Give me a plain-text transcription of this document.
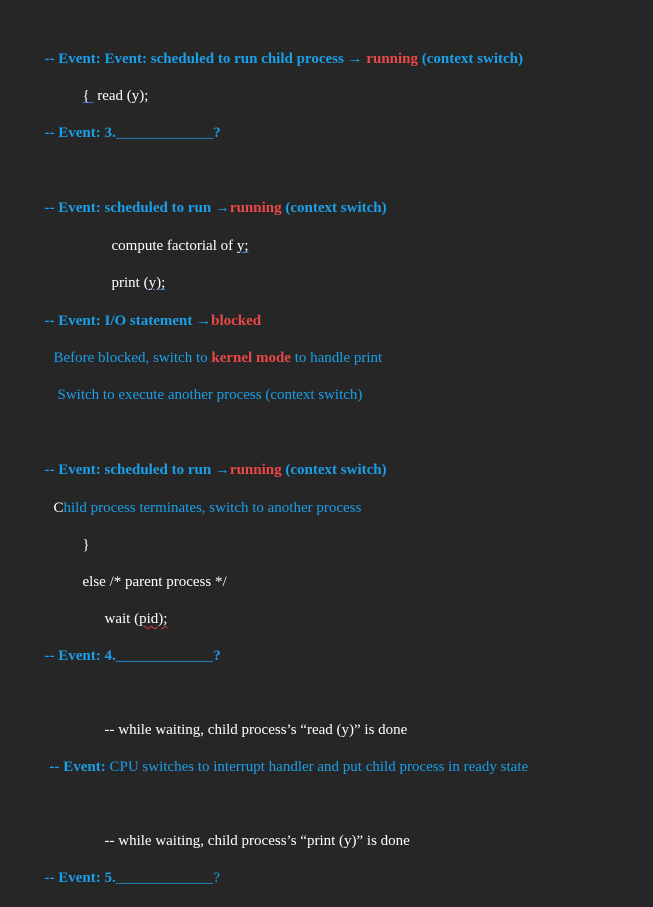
-- Event: Event: scheduled to run child process → running (context switch)

{  read (y);

-- Event: 3._____________?

-- Event: scheduled to run →running (context switch)

compute factorial of y;

print (y);

-- Event: I/O statement →blocked

Before blocked, switch to kernel mode to handle print

Switch to execute another process (context switch)

-- Event: scheduled to run →running (context switch)

Child process terminates, switch to another process

}

else /* parent process */

wait (pid);

-- Event: 4._____________?

-- while waiting, child process’s “read (y)” is done

-- Event: CPU switches to interrupt handler and put child process in ready state

-- while waiting, child process’s “print (y)” is done

-- Event: 5._____________?
